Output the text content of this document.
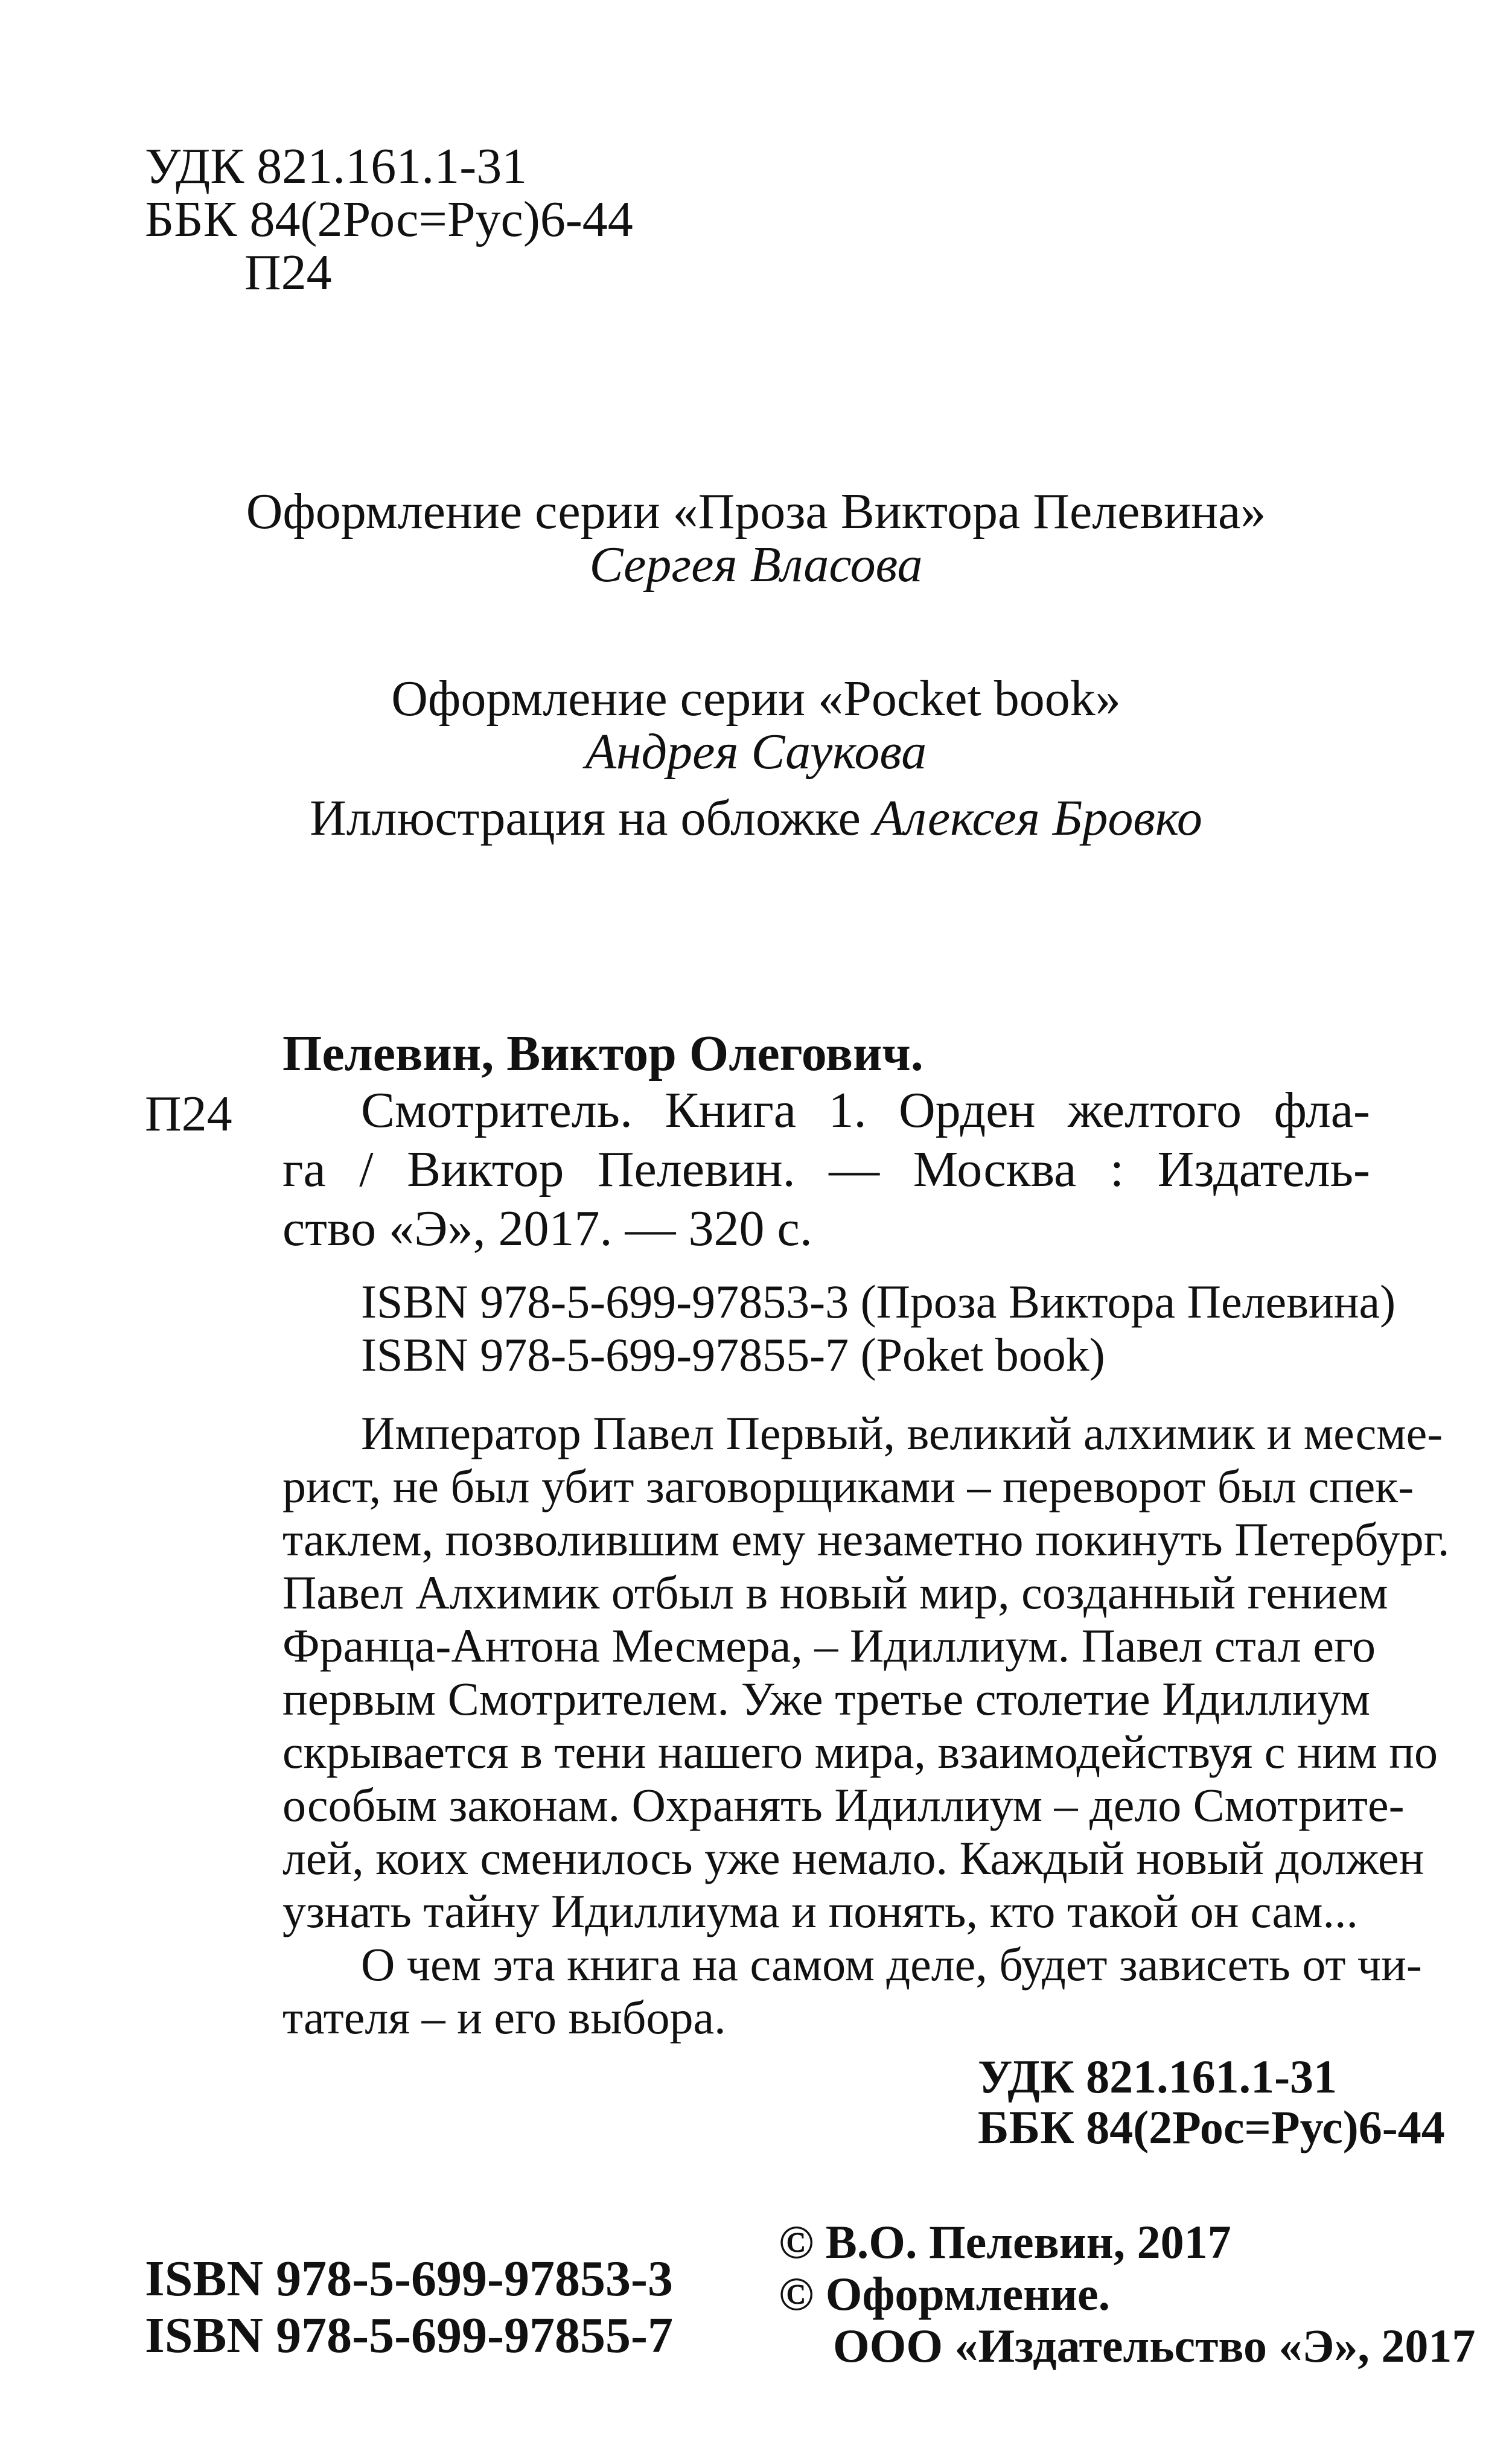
УДК 821.161.1-31
ББК 84(2Рос=Рус)6-44
П24
Оформление серии «Проза Виктора Пелевина»
Сергея Власова
Оформление серии «Pocket book»
Андрея Саукова
Иллюстрация на обложке Алексея Бровко
Пелевин, Виктор Олегович.
П24	Смотритель. Книга 1. Орден желтого фла-
га / Виктор Пелевин. — Москва : Издатель-
ство «Э», 2017. — 320 с.
ISBN 978-5-699-97853-3 (Проза Виктора Пелевина)
ISBN 978-5-699-97855-7 (Poket book)
Император Павел Первый, великий алхимик и месме-
рист, не был убит заговорщиками – переворот был спек-
таклем, позволившим ему незаметно покинуть Петербург.
Павел Алхимик отбыл в новый мир, созданный гением
Франца-Антона Месмера, – Идиллиум. Павел стал его
первым Смотрителем. Уже третье столетие Идиллиум
скрывается в тени нашего мира, взаимодействуя с ним по
особым законам. Охранять Идиллиум – дело Смотрите-
лей, коих сменилось уже немало. Каждый новый должен
узнать тайну Идиллиума и понять, кто такой он сам...
О чем эта книга на самом деле, будет зависеть от чи-
тателя – и его выбора.
УДК 821.161.1-31
ББК 84(2Рос=Рус)6-44
ISBN 978-5-699-97853-3
ISBN 978-5-699-97855-7
© В.О. Пелевин, 2017
© Оформление.
ООО «Издательство «Э», 2017
